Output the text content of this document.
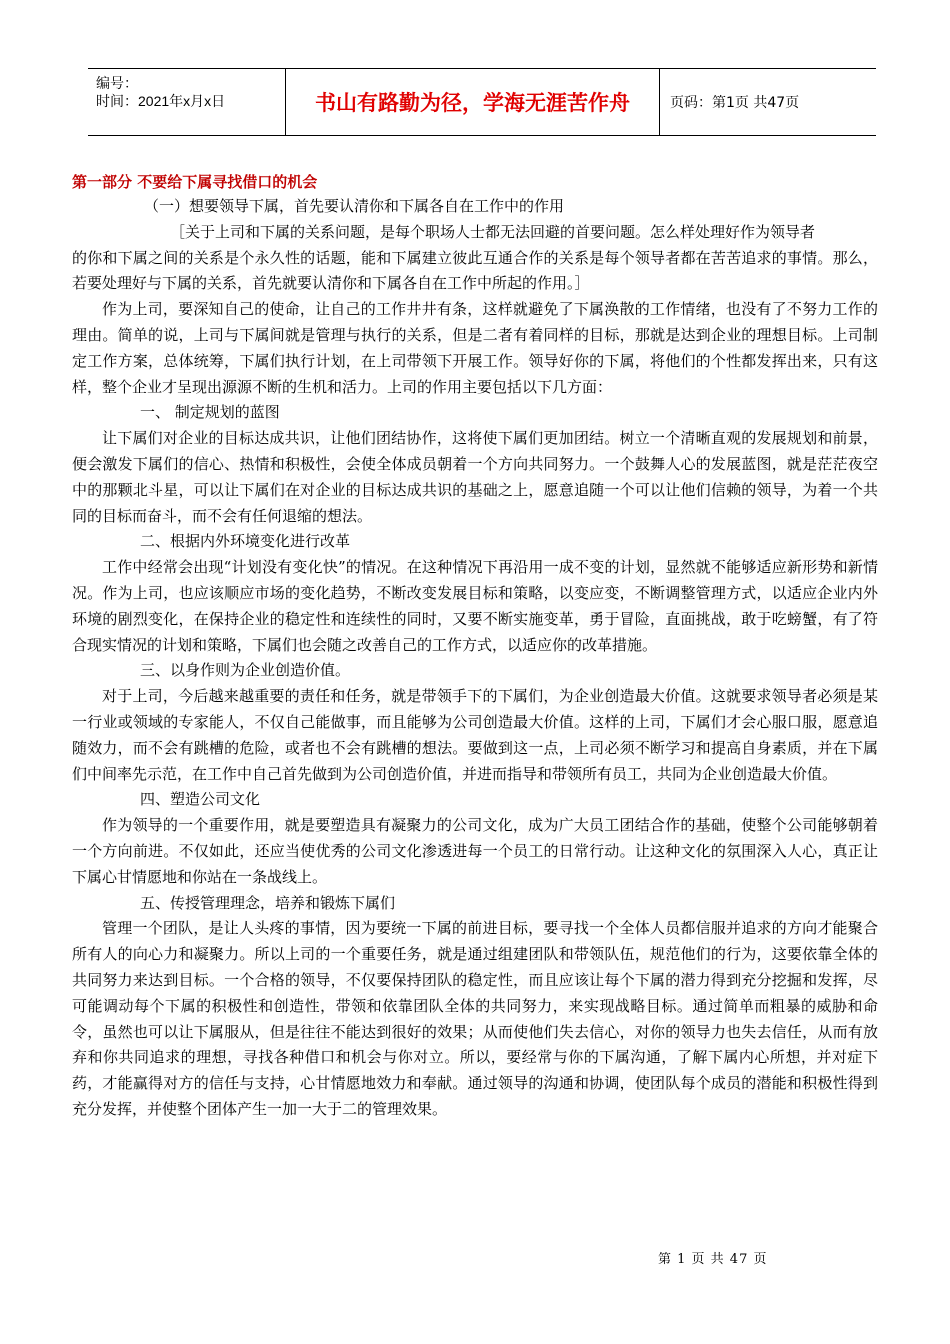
编号：
时间：2021年x月x日	书山有路勤为径，学海无涯苦作舟	页码：第1页 共47页

第一部分 不要给下属寻找借口的机会

（一）想要领导下属，首先要认清你和下属各自在工作中的作用

［关于上司和下属的关系问题，是每个职场人士都无法回避的首要问题。怎么样处理好作为领导者

的你和下属之间的关系是个永久性的话题，能和下属建立彼此互通合作的关系是每个领导者都在苦苦追求的事情。那么，若要处理好与下属的关系，首先就要认清你和下属各自在工作中所起的作用。］

作为上司，要深知自己的使命，让自己的工作井井有条，这样就避免了下属涣散的工作情绪，也没有了不努力工作的理由。简单的说，上司与下属间就是管理与执行的关系，但是二者有着同样的目标，那就是达到企业的理想目标。上司制定工作方案，总体统筹，下属们执行计划，在上司带领下开展工作。领导好你的下属，将他们的个性都发挥出来，只有这样，整个企业才呈现出源源不断的生机和活力。上司的作用主要包括以下几方面：

一、 制定规划的蓝图

让下属们对企业的目标达成共识，让他们团结协作，这将使下属们更加团结。树立一个清晰直观的发展规划和前景，便会激发下属们的信心、热情和积极性，会使全体成员朝着一个方向共同努力。一个鼓舞人心的发展蓝图，就是茫茫夜空中的那颗北斗星，可以让下属们在对企业的目标达成共识的基础之上，愿意追随一个可以让他们信赖的领导，为着一个共同的目标而奋斗，而不会有任何退缩的想法。

二、根据内外环境变化进行改革

工作中经常会出现“计划没有变化快”的情况。在这种情况下再沿用一成不变的计划，显然就不能够适应新形势和新情况。作为上司，也应该顺应市场的变化趋势，不断改变发展目标和策略，以变应变，不断调整管理方式，以适应企业内外环境的剧烈变化，在保持企业的稳定性和连续性的同时，又要不断实施变革，勇于冒险，直面挑战，敢于吃螃蟹，有了符合现实情况的计划和策略，下属们也会随之改善自己的工作方式，以适应你的改革措施。

三、以身作则为企业创造价值。

对于上司，今后越来越重要的责任和任务，就是带领手下的下属们，为企业创造最大价值。这就要求领导者必须是某一行业或领域的专家能人，不仅自己能做事，而且能够为公司创造最大价值。这样的上司，下属们才会心服口服，愿意追随效力，而不会有跳槽的危险，或者也不会有跳槽的想法。要做到这一点，上司必须不断学习和提高自身素质，并在下属们中间率先示范，在工作中自己首先做到为公司创造价值，并进而指导和带领所有员工，共同为企业创造最大价值。

四、塑造公司文化

作为领导的一个重要作用，就是要塑造具有凝聚力的公司文化，成为广大员工团结合作的基础，使整个公司能够朝着一个方向前进。不仅如此，还应当使优秀的公司文化渗透进每一个员工的日常行动。让这种文化的氛围深入人心，真正让下属心甘情愿地和你站在一条战线上。

五、传授管理理念，培养和锻炼下属们

管理一个团队，是让人头疼的事情，因为要统一下属的前进目标，要寻找一个全体人员都信服并追求的方向才能聚合所有人的向心力和凝聚力。所以上司的一个重要任务，就是通过组建团队和带领队伍，规范他们的行为，这要依靠全体的共同努力来达到目标。一个合格的领导，不仅要保持团队的稳定性，而且应该让每个下属的潜力得到充分挖掘和发挥，尽可能调动每个下属的积极性和创造性，带领和依靠团队全体的共同努力，来实现战略目标。通过简单而粗暴的威胁和命令，虽然也可以让下属服从，但是往往不能达到很好的效果；从而使他们失去信心，对你的领导力也失去信任，从而有放弃和你共同追求的理想，寻找各种借口和机会与你对立。所以，要经常与你的下属沟通，了解下属内心所想，并对症下药，才能赢得对方的信任与支持，心甘情愿地效力和奉献。通过领导的沟通和协调，使团队每个成员的潜能和积极性得到充分发挥，并使整个团体产生一加一大于二的管理效果。

第 1 页 共 47 页
